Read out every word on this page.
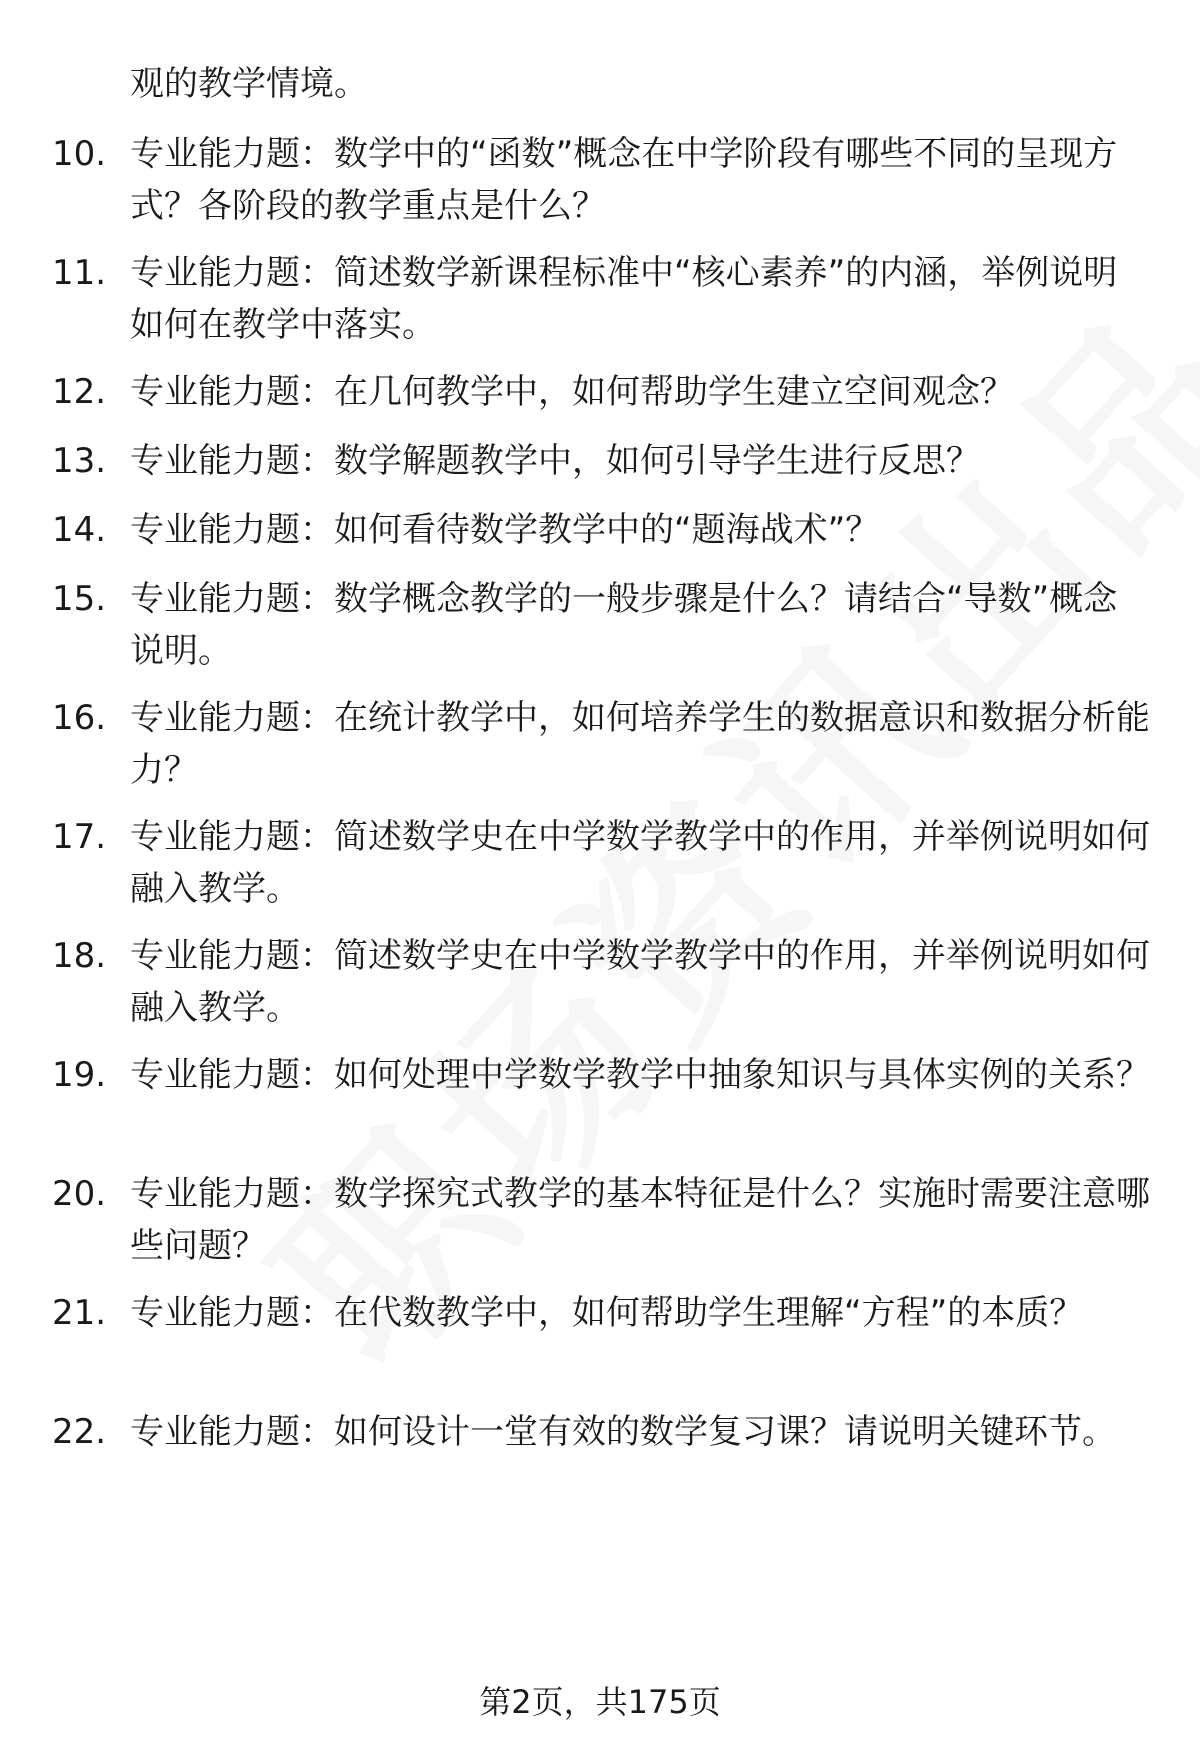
观的教学情境。
10. 专业能力题：数学中的“函数”概念在中学阶段有哪些不同的呈现方式？各阶段的教学重点是什么？
11. 专业能力题：简述数学新课程标准中“核心素养”的内涵，举例说明如何在教学中落实。
12. 专业能力题：在几何教学中，如何帮助学生建立空间观念？
13. 专业能力题：数学解题教学中，如何引导学生进行反思？
14. 专业能力题：如何看待数学教学中的“题海战术”？
15. 专业能力题：数学概念教学的一般步骤是什么？请结合“导数”概念说明。
16. 专业能力题：在统计教学中，如何培养学生的数据意识和数据分析能力？
17. 专业能力题：简述数学史在中学数学教学中的作用，并举例说明如何融入教学。
18. 专业能力题：简述数学史在中学数学教学中的作用，并举例说明如何融入教学。
19. 专业能力题：如何处理中学数学教学中抽象知识与具体实例的关系？
20. 专业能力题：数学探究式教学的基本特征是什么？实施时需要注意哪些问题？
21. 专业能力题：在代数教学中，如何帮助学生理解“方程”的本质？
22. 专业能力题：如何设计一堂有效的数学复习课？请说明关键环节。
第2页，共175页
